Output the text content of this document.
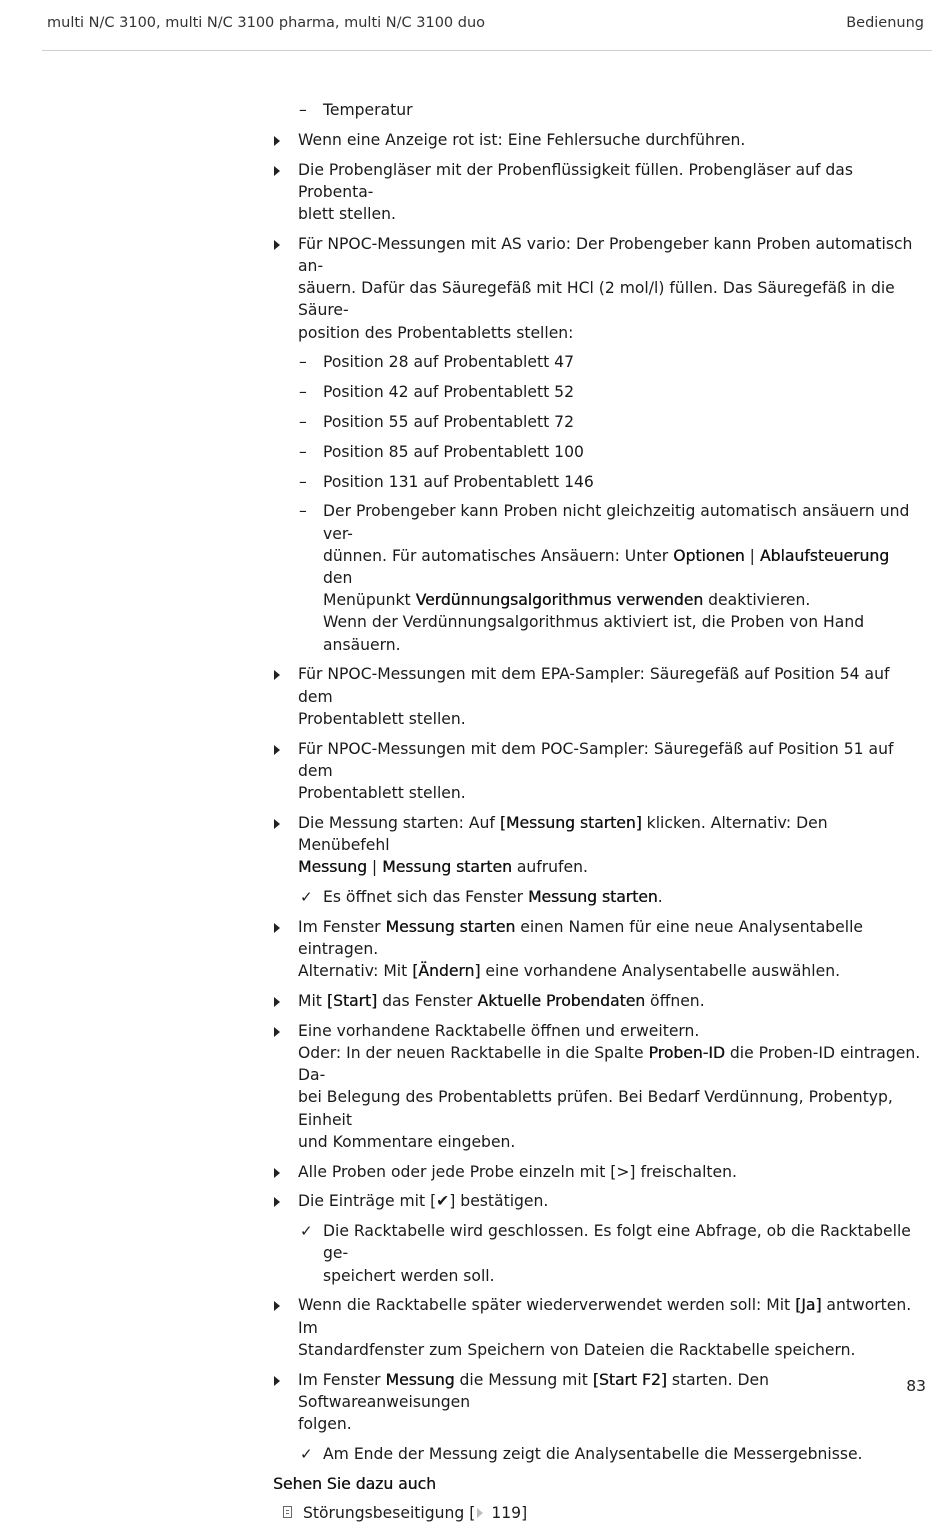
multi N/C 3100, multi N/C 3100 pharma, multi N/C 3100 duo	Bedienung
– Temperatur

Wenn eine Anzeige rot ist: Eine Fehlersuche durchführen.

Die Probengläser mit der Probenflüssigkeit füllen. Probengläser auf das Probenta-

blett stellen.

Für NPOC-Messungen mit AS vario: Der Probengeber kann Proben automatisch an-

säuern. Dafür das Säuregefäß mit HCl (2 mol/l) füllen. Das Säuregefäß in die Säure-

position des Probentabletts stellen:

– Position 28 auf Probentablett 47

– Position 42 auf Probentablett 52

– Position 55 auf Probentablett 72

– Position 85 auf Probentablett 100

– Position 131 auf Probentablett 146

– Der Probengeber kann Proben nicht gleichzeitig automatisch ansäuern und ver-

dünnen. Für automatisches Ansäuern: Unter Optionen | Ablaufsteuerung den

Menüpunkt Verdünnungsalgorithmus verwenden deaktivieren.

Wenn der Verdünnungsalgorithmus aktiviert ist, die Proben von Hand ansäuern.

Für NPOC-Messungen mit dem EPA-Sampler: Säuregefäß auf Position 54 auf dem

Probentablett stellen.

Für NPOC-Messungen mit dem POC-Sampler: Säuregefäß auf Position 51 auf dem

Probentablett stellen.

Die Messung starten: Auf [Messung starten] klicken. Alternativ: Den Menübefehl

Messung | Messung starten aufrufen.

✓ Es öffnet sich das Fenster Messung starten.

Im Fenster Messung starten einen Namen für eine neue Analysentabelle eintragen.

Alternativ: Mit [Ändern] eine vorhandene Analysentabelle auswählen.

Mit [Start] das Fenster Aktuelle Probendaten öffnen.

Eine vorhandene Racktabelle öffnen und erweitern.

Oder: In der neuen Racktabelle in die Spalte Proben-ID die Proben-ID eintragen. Da-

bei Belegung des Probentabletts prüfen. Bei Bedarf Verdünnung, Probentyp, Einheit

und Kommentare eingeben.

Alle Proben oder jede Probe einzeln mit [>] freischalten.

Die Einträge mit [✔] bestätigen.

✓ Die Racktabelle wird geschlossen. Es folgt eine Abfrage, ob die Racktabelle ge-

speichert werden soll.

Wenn die Racktabelle später wiederverwendet werden soll: Mit [Ja] antworten. Im

Standardfenster zum Speichern von Dateien die Racktabelle speichern.

Im Fenster Messung die Messung mit [Start F2] starten. Den Softwareanweisungen

folgen.

✓ Am Ende der Messung zeigt die Analysentabelle die Messergebnisse.

Sehen Sie dazu auch

Störungsbeseitigung [ 119]
83
